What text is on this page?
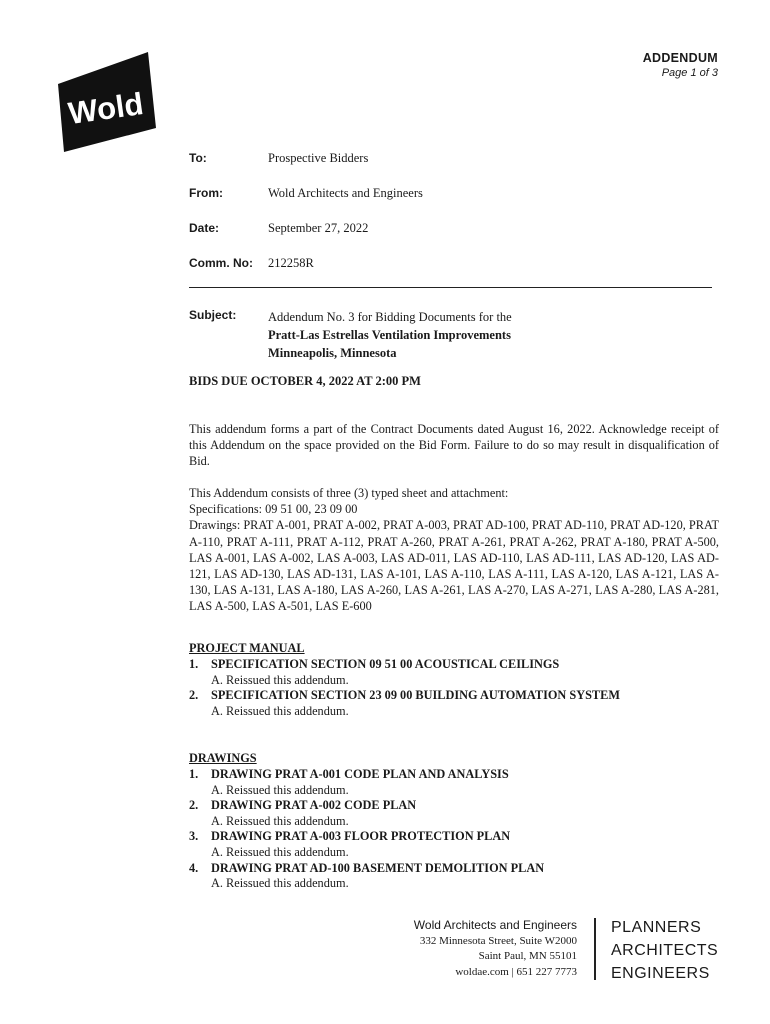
Wold
ADDENDUM
Page 1 of 3
To:	Prospective Bidders
From:	Wold Architects and Engineers
Date:	September 27, 2022
Comm. No: 212258R
Subject:	Addendum No. 3 for Bidding Documents for the
Pratt-Las Estrellas Ventilation Improvements
Minneapolis, Minnesota
BIDS DUE OCTOBER 4, 2022 AT 2:00 PM
This addendum forms a part of the Contract Documents dated August 16, 2022. Acknowledge receipt of this Addendum on the space provided on the Bid Form. Failure to do so may result in disqualification of Bid.
This Addendum consists of three (3) typed sheet and attachment:
Specifications: 09 51 00, 23 09 00
Drawings: PRAT A-001, PRAT A-002, PRAT A-003, PRAT AD-100, PRAT AD-110, PRAT AD-120, PRAT A-110, PRAT A-111, PRAT A-112, PRAT A-260, PRAT A-261, PRAT A-262, PRAT A-180, PRAT A-500, LAS A-001, LAS A-002, LAS A-003, LAS AD-011, LAS AD-110, LAS AD-111, LAS AD-120, LAS AD-121, LAS AD-130, LAS AD-131, LAS A-101, LAS A-110, LAS A-111, LAS A-120, LAS A-121, LAS A-130, LAS A-131, LAS A-180, LAS A-260, LAS A-261, LAS A-270, LAS A-271, LAS A-280, LAS A-281, LAS A-500, LAS A-501, LAS E-600
PROJECT MANUAL
1.	SPECIFICATION SECTION 09 51 00 ACOUSTICAL CEILINGS
A. Reissued this addendum.
2.	SPECIFICATION SECTION 23 09 00 BUILDING AUTOMATION SYSTEM
A. Reissued this addendum.
DRAWINGS
1.	DRAWING PRAT A-001 CODE PLAN AND ANALYSIS
A. Reissued this addendum.
2.	DRAWING PRAT A-002 CODE PLAN
A. Reissued this addendum.
3.	DRAWING PRAT A-003 FLOOR PROTECTION PLAN
A. Reissued this addendum.
4.	DRAWING PRAT AD-100 BASEMENT DEMOLITION PLAN
A. Reissued this addendum.
Wold Architects and Engineers
332 Minnesota Street, Suite W2000
Saint Paul, MN 55101
woldae.com | 651 227 7773
PLANNERS
ARCHITECTS
ENGINEERS
